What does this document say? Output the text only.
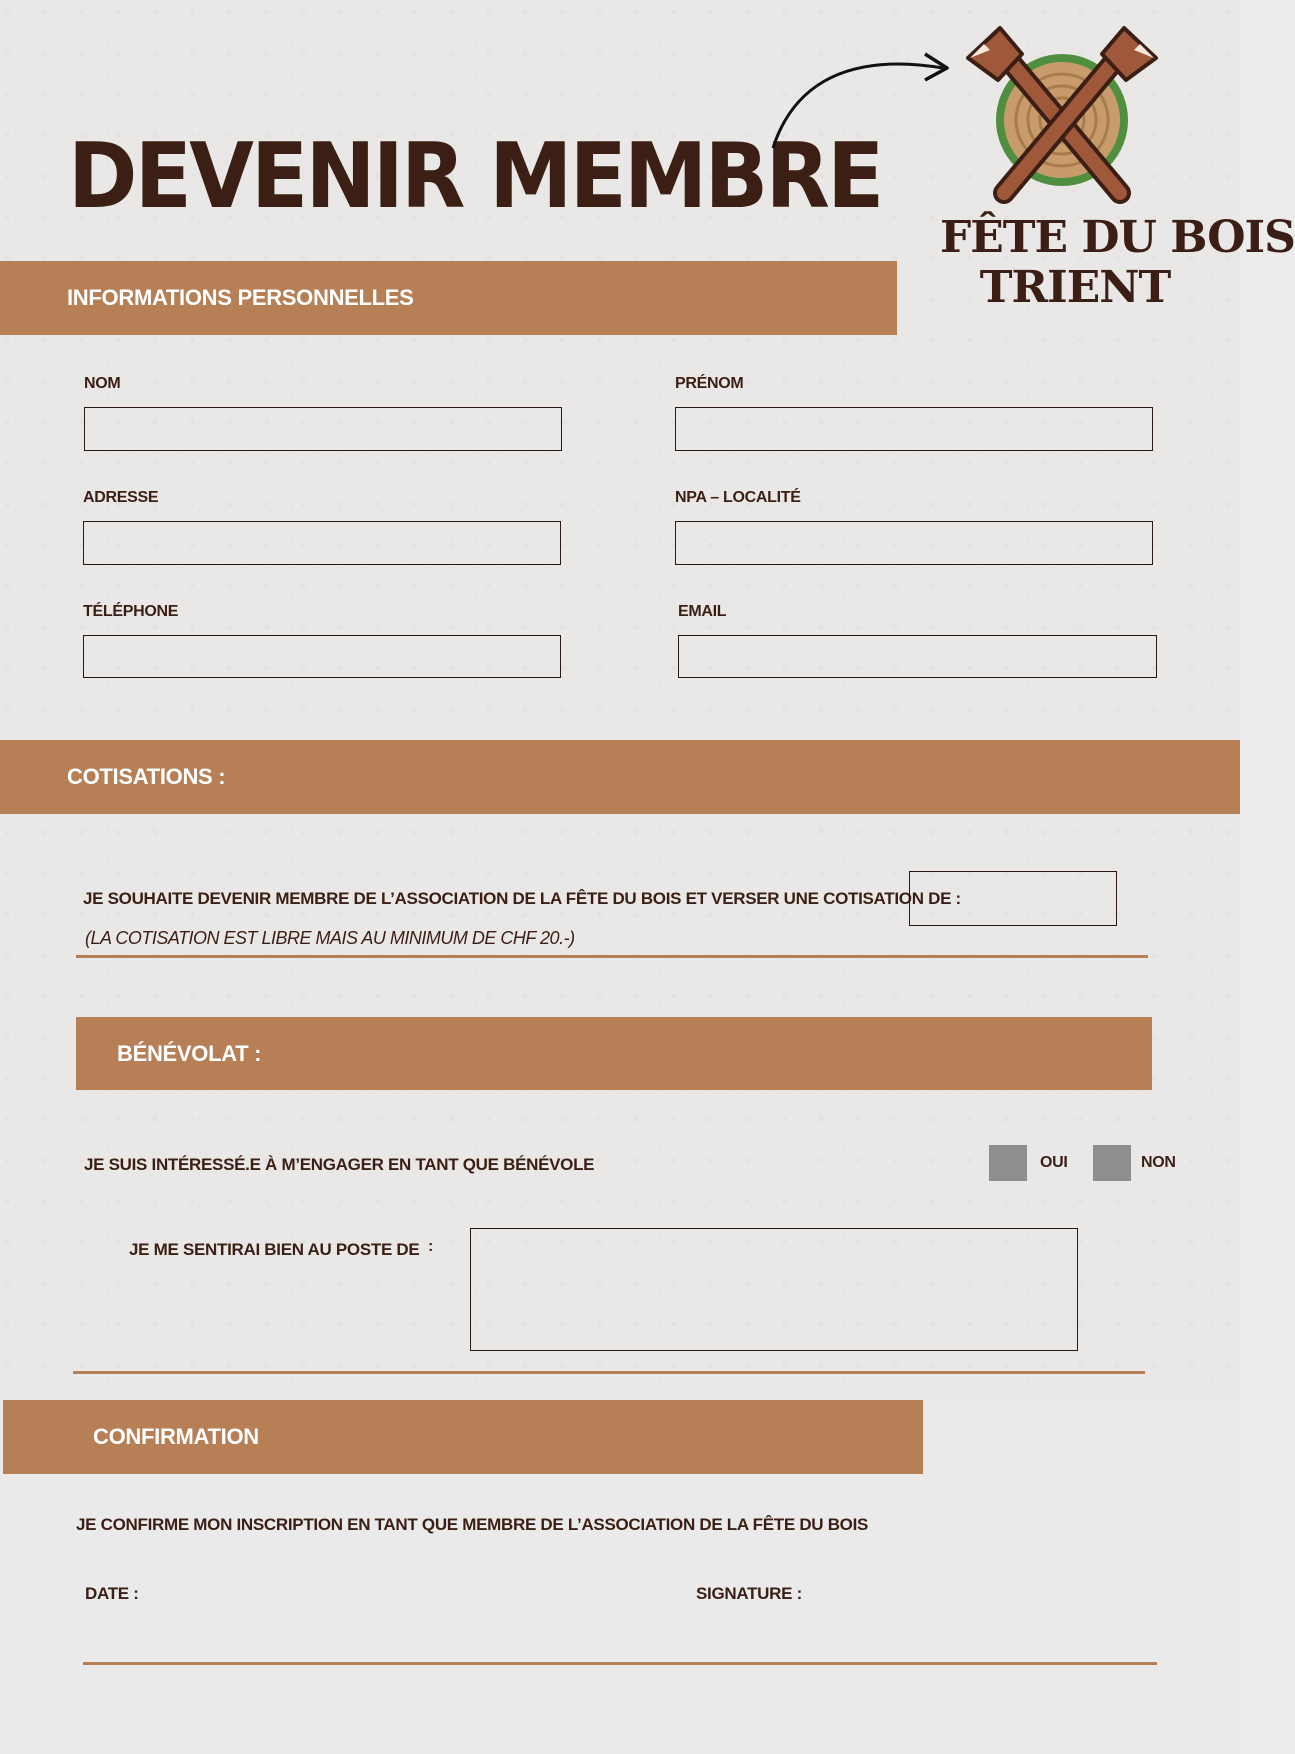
DEVENIR MEMBRE
FÊTE DU BOIS
TRIENT
INFORMATIONS PERSONNELLES
NOM	PRÉNOM
ADRESSE	NPA – LOCALITÉ
TÉLÉPHONE	EMAIL
COTISATIONS :
JE SOUHAITE DEVENIR MEMBRE DE L’ASSOCIATION DE LA FÊTE DU BOIS ET VERSER UNE COTISATION DE :
(LA COTISATION EST LIBRE MAIS AU MINIMUM DE CHF 20.-)
BÉNÉVOLAT :
JE SUIS INTÉRESSÉ.E À M’ENGAGER EN TANT QUE BÉNÉVOLE	OUI	NON
JE ME SENTIRAI BIEN AU POSTE DE :
CONFIRMATION
JE CONFIRME MON INSCRIPTION EN TANT QUE MEMBRE DE L’ASSOCIATION DE LA FÊTE DU BOIS
DATE :	SIGNATURE :
